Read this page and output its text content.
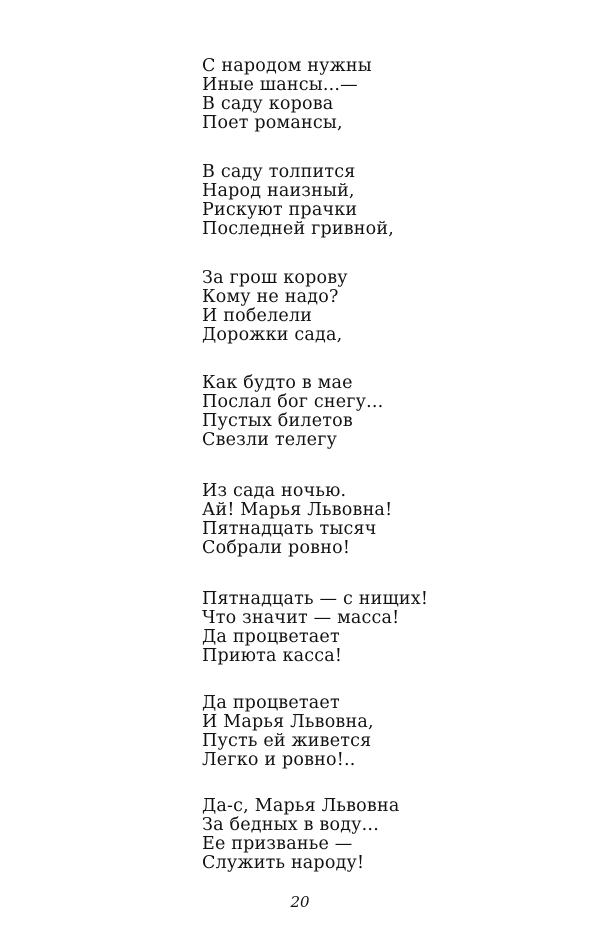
С народом нужны
Иные шансы...—
В саду корова
Поет романсы,
В саду толпится
Народ наизный,
Рискуют прачки
Последней гривной,
За грош корову
Кому не надо?
И побелели
Дорожки сада,
Как будто в мае
Послал бог снегу...
Пустых билетов
Свезли телегу
Из сада ночью.
Ай! Марья Львовна!
Пятнадцать тысяч
Собрали ровно!
Пятнадцать — с нищих!
Что значит — масса!
Да процветает
Приюта касса!
Да процветает
И Марья Львовна,
Пусть ей живется
Легко и ровно!..
Да-с, Марья Львовна
За бедных в воду...
Ее призванье —
Служить народу!
20
